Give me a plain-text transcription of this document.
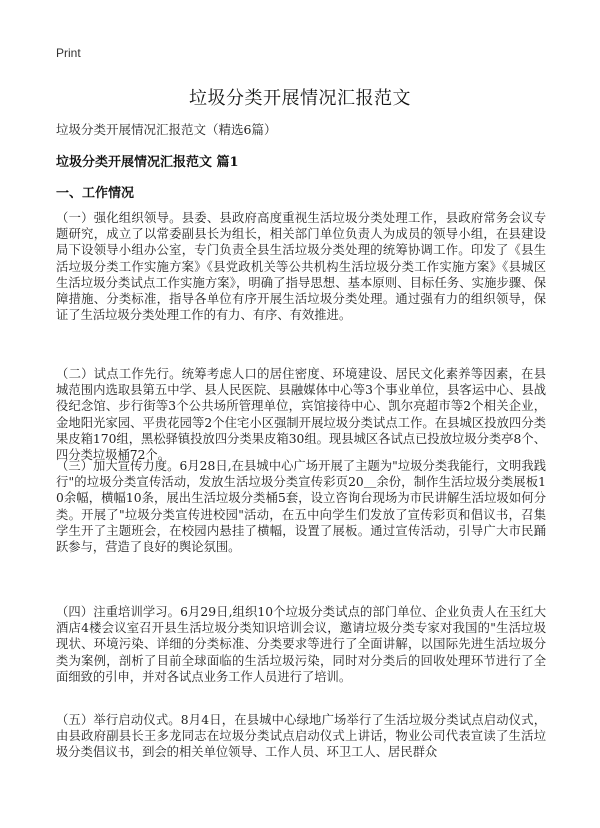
Print
垃圾分类开展情况汇报范文
垃圾分类开展情况汇报范文（精选6篇）
垃圾分类开展情况汇报范文 篇1
一、工作情况

（一）强化组织领导。县委、县政府高度重视生活垃圾分类处理工作，县政府常务会议专题研究，成立了以常委副县长为组长，相关部门单位负责人为成员的领导小组，在县建设局下设领导小组办公室，专门负责全县生活垃圾分类处理的统筹协调工作。印发了《县生活垃圾分类工作实施方案》《县党政机关等公共机构生活垃圾分类工作实施方案》《县城区生活垃圾分类试点工作实施方案》，明确了指导思想、基本原则、目标任务、实施步骤、保障措施、分类标准，指导各单位有序开展生活垃圾分类处理。通过强有力的组织领导，保证了生活垃圾分类处理工作的有力、有序、有效推进。

（二）试点工作先行。统筹考虑人口的居住密度、环境建设、居民文化素养等因素，在县城范围内选取县第五中学、县人民医院、县融媒体中心等3个事业单位，县客运中心、县战役纪念馆、步行街等3个公共场所管理单位，宾馆接待中心、凯尔亮超市等2个相关企业，金地阳光家园、平贵花园等2个住宅小区强制开展垃圾分类试点工作。在县城区投放四分类果皮箱170组，黑松驿镇投放四分类果皮箱30组。现县城区各试点已投放垃圾分类亭8个、四分类垃圾桶72个。

（三）加大宣传力度。6月28日,在县城中心广场开展了主题为"垃圾分类我能行，文明我践行"的垃圾分类宣传活动，发放生活垃圾分类宣传彩页20＿余份，制作生活垃圾分类展板10余幅，横幅10条，展出生活垃圾分类桶5套，设立咨询台现场为市民讲解生活垃圾如何分类。开展了"垃圾分类宣传进校园"活动，在五中向学生们发放了宣传彩页和倡议书，召集学生开了主题班会，在校园内悬挂了横幅，设置了展板。通过宣传活动，引导广大市民踊跃参与，营造了良好的舆论氛围。

（四）注重培训学习。6月29日,组织10个垃圾分类试点的部门单位、企业负责人在玉红大酒店4楼会议室召开县生活垃圾分类知识培训会议，邀请垃圾分类专家对我国的"生活垃圾现状、环境污染、详细的分类标准、分类要求等进行了全面讲解，以国际先进生活垃圾分类为案例，剖析了目前全球面临的生活垃圾污染，同时对分类后的回收处理环节进行了全面细致的引申，并对各试点业务工作人员进行了培训。

（五）举行启动仪式。8月4日，在县城中心绿地广场举行了生活垃圾分类试点启动仪式，由县政府副县长王多龙同志在垃圾分类试点启动仪式上讲话，物业公司代表宣读了生活垃圾分类倡议书，到会的相关单位领导、工作人员、环卫工人、居民群众
